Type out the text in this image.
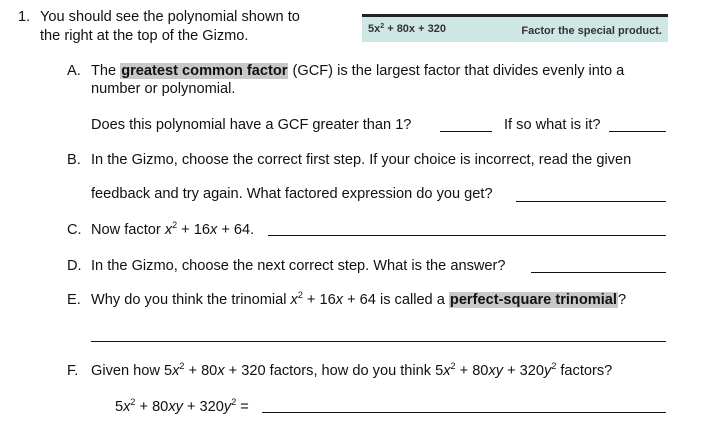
1. You should see the polynomial shown to
the right at the top of the Gizmo.	$5x^2 + 80x + 320$	Factor the special product.
A. The greatest common factor (GCF) is the largest factor that divides evenly into a
number or polynomial.
Does this polynomial have a GCF greater than 1?	If so what is it?
B. In the Gizmo, choose the correct first step. If your choice is incorrect, read the given
feedback and try again. What factored expression do you get?
C. Now factor $x^2 + 16x + 64$.
D. In the Gizmo, choose the next correct step. What is the answer?
E. Why do you think the trinomial $x^2 + 16x + 64$ is called a perfect-square trinomial?
F. Given how $5x^2 + 80x + 320$ factors, how do you think $5x^2 + 80xy + 320y^2$ factors?
$5x^2 + 80xy + 320y^2$ =
